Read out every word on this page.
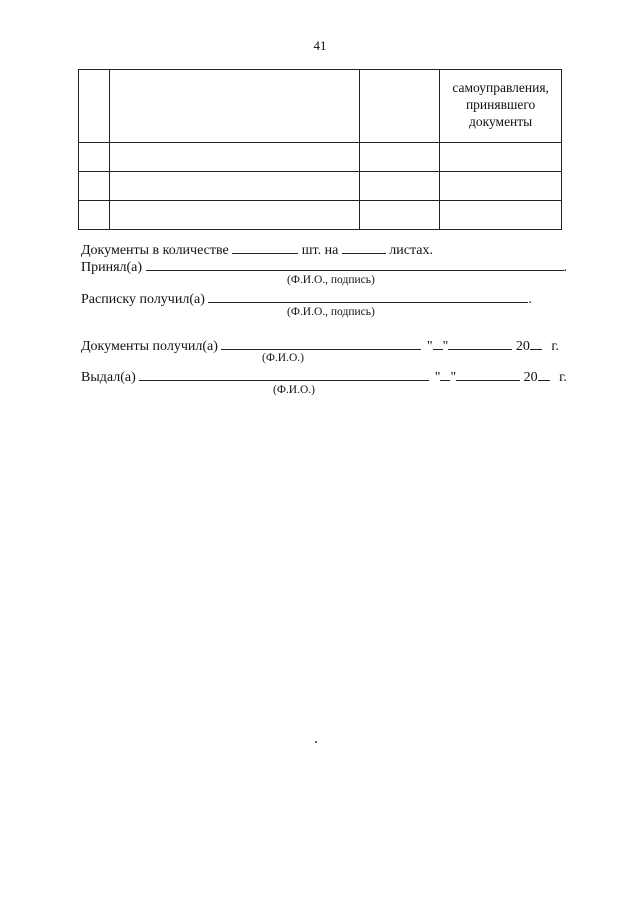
41

			самоуправления,
принявшего
документы

Документы в количестве	шт. на	листах.
Принял(а)	.
(Ф.И.О., подпись)
Расписку получил(а)	.
(Ф.И.О., подпись)
Документы получил(а)	" "	20 г.
(Ф.И.О.)
Выдал(а)	" "	20 г.
(Ф.И.О.)
